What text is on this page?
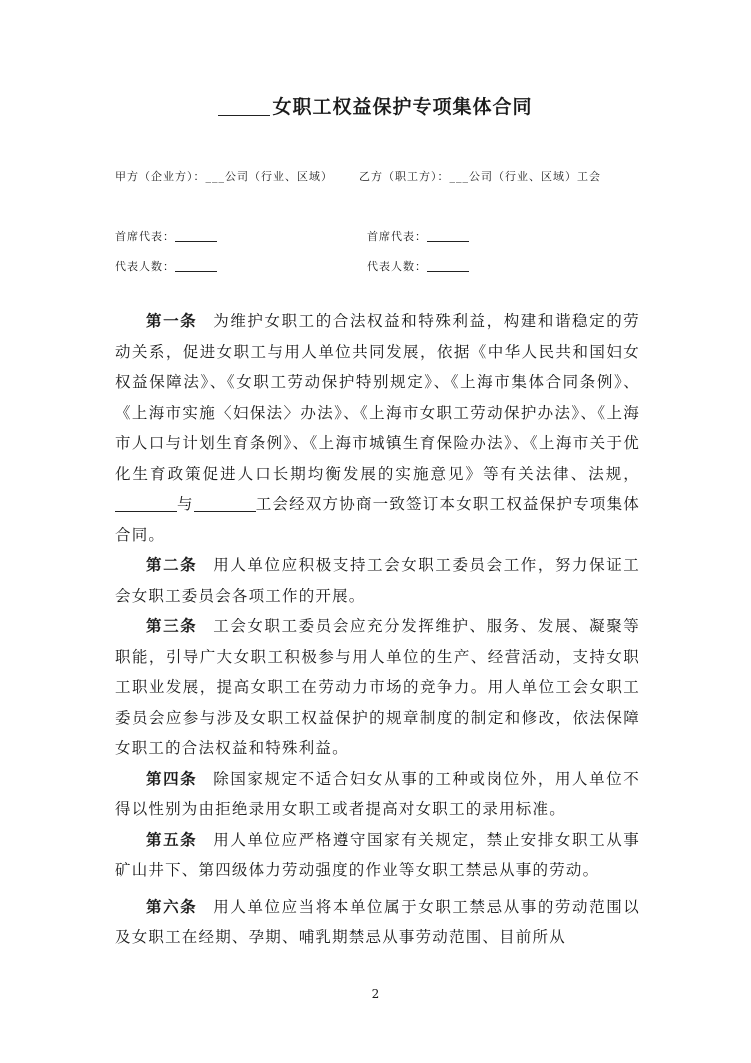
女职工权益保护专项集体合同
甲方（企业方）：___公司（行业、区域） 乙方（职工方）：___公司（行业、区域）工会
首席代表：
代表人数：
首席代表：
代表人数：

第一条 为维护女职工的合法权益和特殊利益，构建和谐稳定的劳动关系，促进女职工与用人单位共同发展，依据《中华人民共和国妇女权益保障法》、《女职工劳动保护特别规定》、《上海市集体合同条例》、《上海市实施〈妇保法〉办法》、《上海市女职工劳动保护办法》、《上海市人口与计划生育条例》、《上海市城镇生育保险办法》、《上海市关于优化生育政策促进人口长期均衡发展的实施意见》等有关法律、法规，与	工会经双方协商一致签订本女职工权益保护专项集体合同。

第二条 用人单位应积极支持工会女职工委员会工作，努力保证工会女职工委员会各项工作的开展。

第三条 工会女职工委员会应充分发挥维护、服务、发展、凝聚等职能，引导广大女职工积极参与用人单位的生产、经营活动，支持女职工职业发展，提高女职工在劳动力市场的竞争力。用人单位工会女职工委员会应参与涉及女职工权益保护的规章制度的制定和修改，依法保障女职工的合法权益和特殊利益。

第四条 除国家规定不适合妇女从事的工种或岗位外，用人单位不得以性别为由拒绝录用女职工或者提高对女职工的录用标准。

第五条 用人单位应严格遵守国家有关规定，禁止安排女职工从事矿山井下、第四级体力劳动强度的作业等女职工禁忌从事的劳动。

第六条 用人单位应当将本单位属于女职工禁忌从事的劳动范围以及女职工在经期、孕期、哺乳期禁忌从事劳动范围、目前所从

2
